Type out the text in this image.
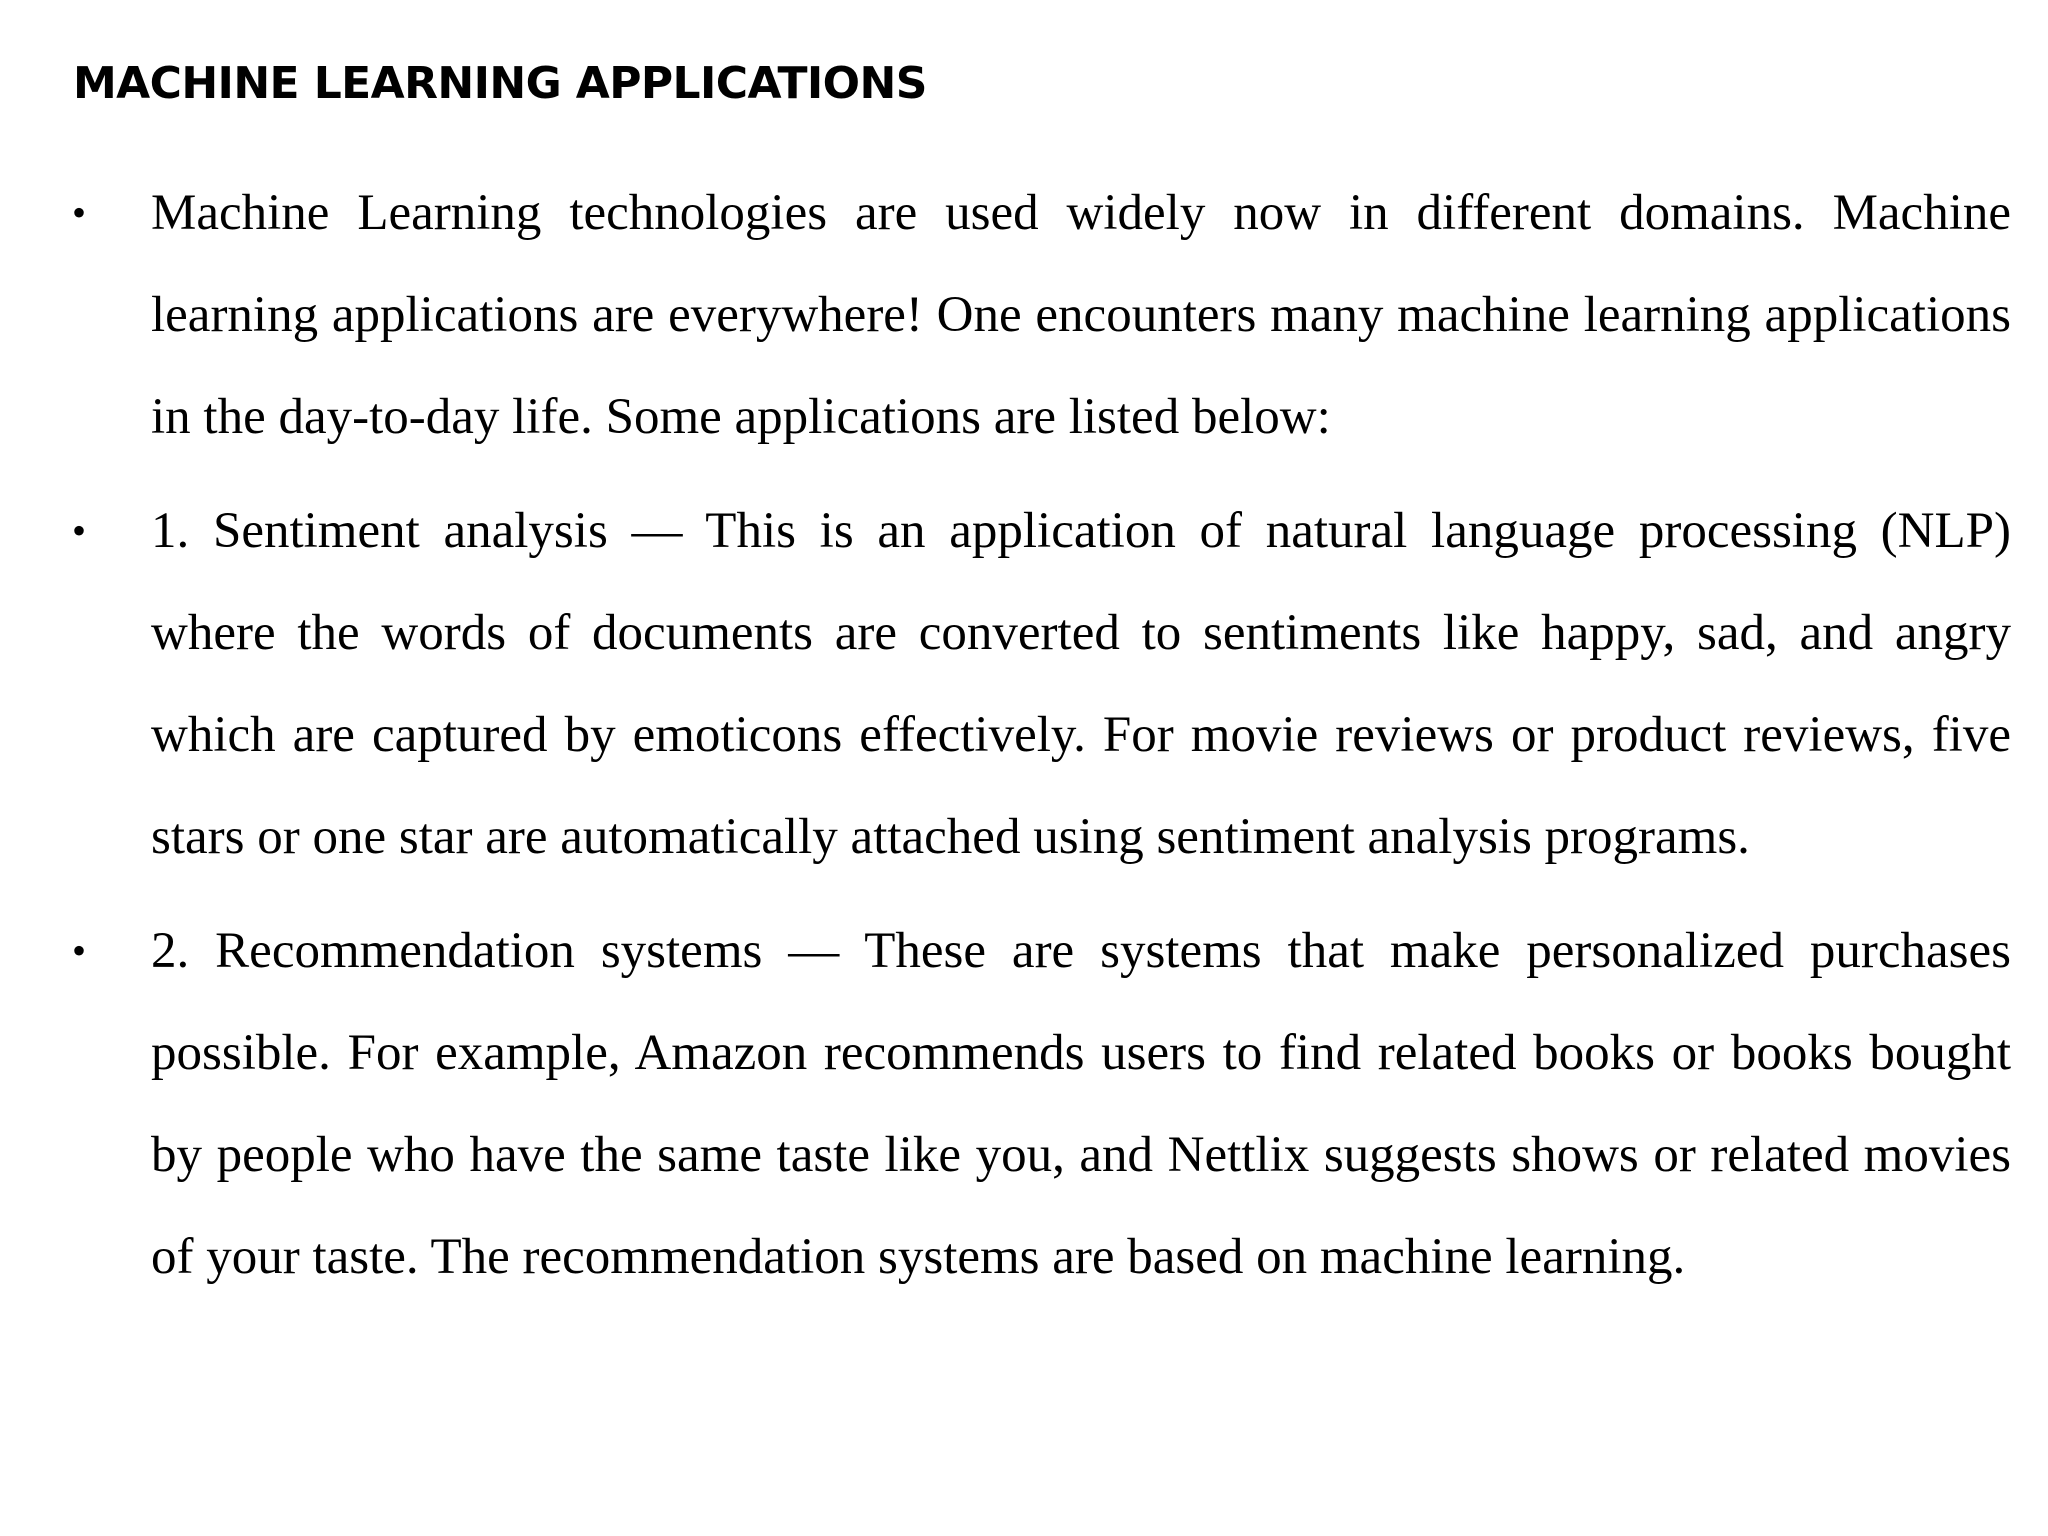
MACHINE LEARNING APPLICATIONS
• Machine Learning technologies are used widely now in different domains. Machine learning applications are everywhere! One encounters many machine learning applications in the day-to-day life. Some applications are listed below:
• 1. Sentiment analysis — This is an application of natural language processing (NLP) where the words of documents are converted to sentiments like happy, sad, and angry which are captured by emoticons effectively. For movie reviews or product reviews, five stars or one star are automatically attached using sentiment analysis programs.
• 2. Recommendation systems — These are systems that make personalized purchases possible. For example, Amazon recommends users to find related books or books bought by people who have the same taste like you, and Nettlix suggests shows or related movies of your taste. The recommendation systems are based on machine learning.
